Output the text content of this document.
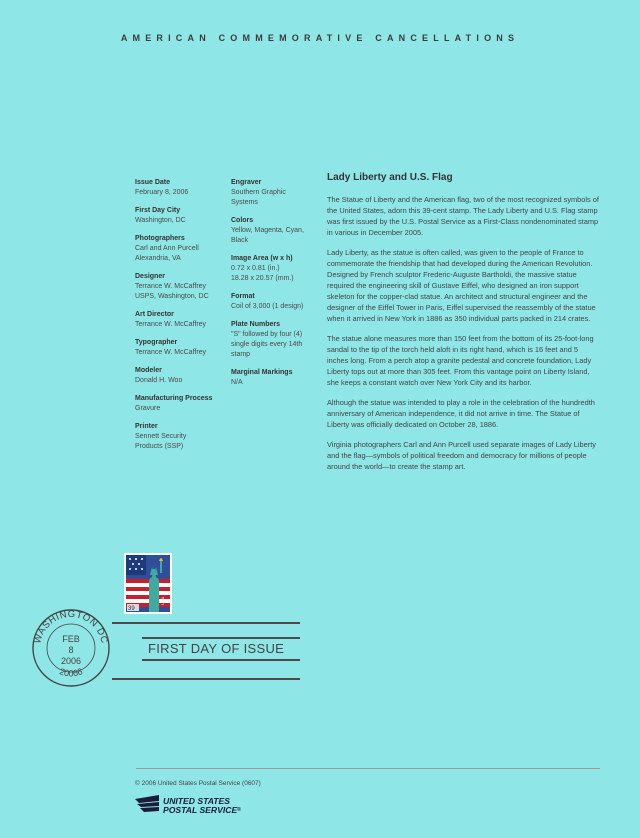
AMERICAN COMMEMORATIVE CANCELLATIONS
Issue Date
February 8, 2006
First Day City
Washington, DC
Photographers
Carl and Ann Purcell
Alexandria, VA
Designer
Terrance W. McCaffrey
USPS, Washington, DC
Art Director
Terrance W. McCaffrey
Typographer
Terrance W. McCaffrey
Modeler
Donald H. Woo
Manufacturing Process
Gravure
Printer
Sennett Security
Products (SSP)
Engraver
Southern Graphic
Systems
Colors
Yellow, Magenta, Cyan,
Black
Image Area (w x h)
0.72 x 0.81 (in.)
18.28 x 20.57 (mm.)
Format
Coil of 3,000 (1 design)
Plate Numbers
"S" followed by four (4)
single digits every 14th
stamp
Marginal Markings
N/A
Lady Liberty and U.S. Flag

The Statue of Liberty and the American flag, two of the most recognized symbols of the United States, adorn this 39-cent stamp. The Lady Liberty and U.S. Flag stamp was first issued by the U.S. Postal Service as a First-Class nondenominated stamp in various in December 2005.

Lady Liberty, as the statue is often called, was given to the people of France to commemorate the friendship that had developed during the American Revolution. Designed by French sculptor Frederic-Auguste Bartholdi, the massive statue required the engineering skill of Gustave Eiffel, who designed an iron support skeleton for the copper-clad statue. An architect and structural engineer and the designer of the Eiffel Tower in Paris, Eiffel supervised the reassembly of the statue when it arrived in New York in 1886 as 350 individual parts packed in 214 crates.

The statue alone measures more than 150 feet from the bottom of its 25-foot-long sandal to the tip of the torch held aloft in its right hand, which is 16 feet and 5 inches long. From a perch atop a granite pedestal and concrete foundation, Lady Liberty tops out at more than 305 feet. From this vantage point on Liberty Island, she keeps a constant watch over New York City and its harbor.

Although the statue was intended to play a role in the celebration of the hundredth anniversary of American independence, it did not arrive in time. The Statue of Liberty was officially dedicated on October 28, 1886.

Virginia photographers Carl and Ann Purcell used separate images of Lady Liberty and the flag—symbols of political freedom and democracy for millions of people around the world—to create the stamp art.

39
USA
WASHINGTON DC
20066
FEB
8
2006
FIRST DAY OF ISSUE
© 2006 United States Postal Service (0607)
UNITED STATES
POSTAL SERVICE®
